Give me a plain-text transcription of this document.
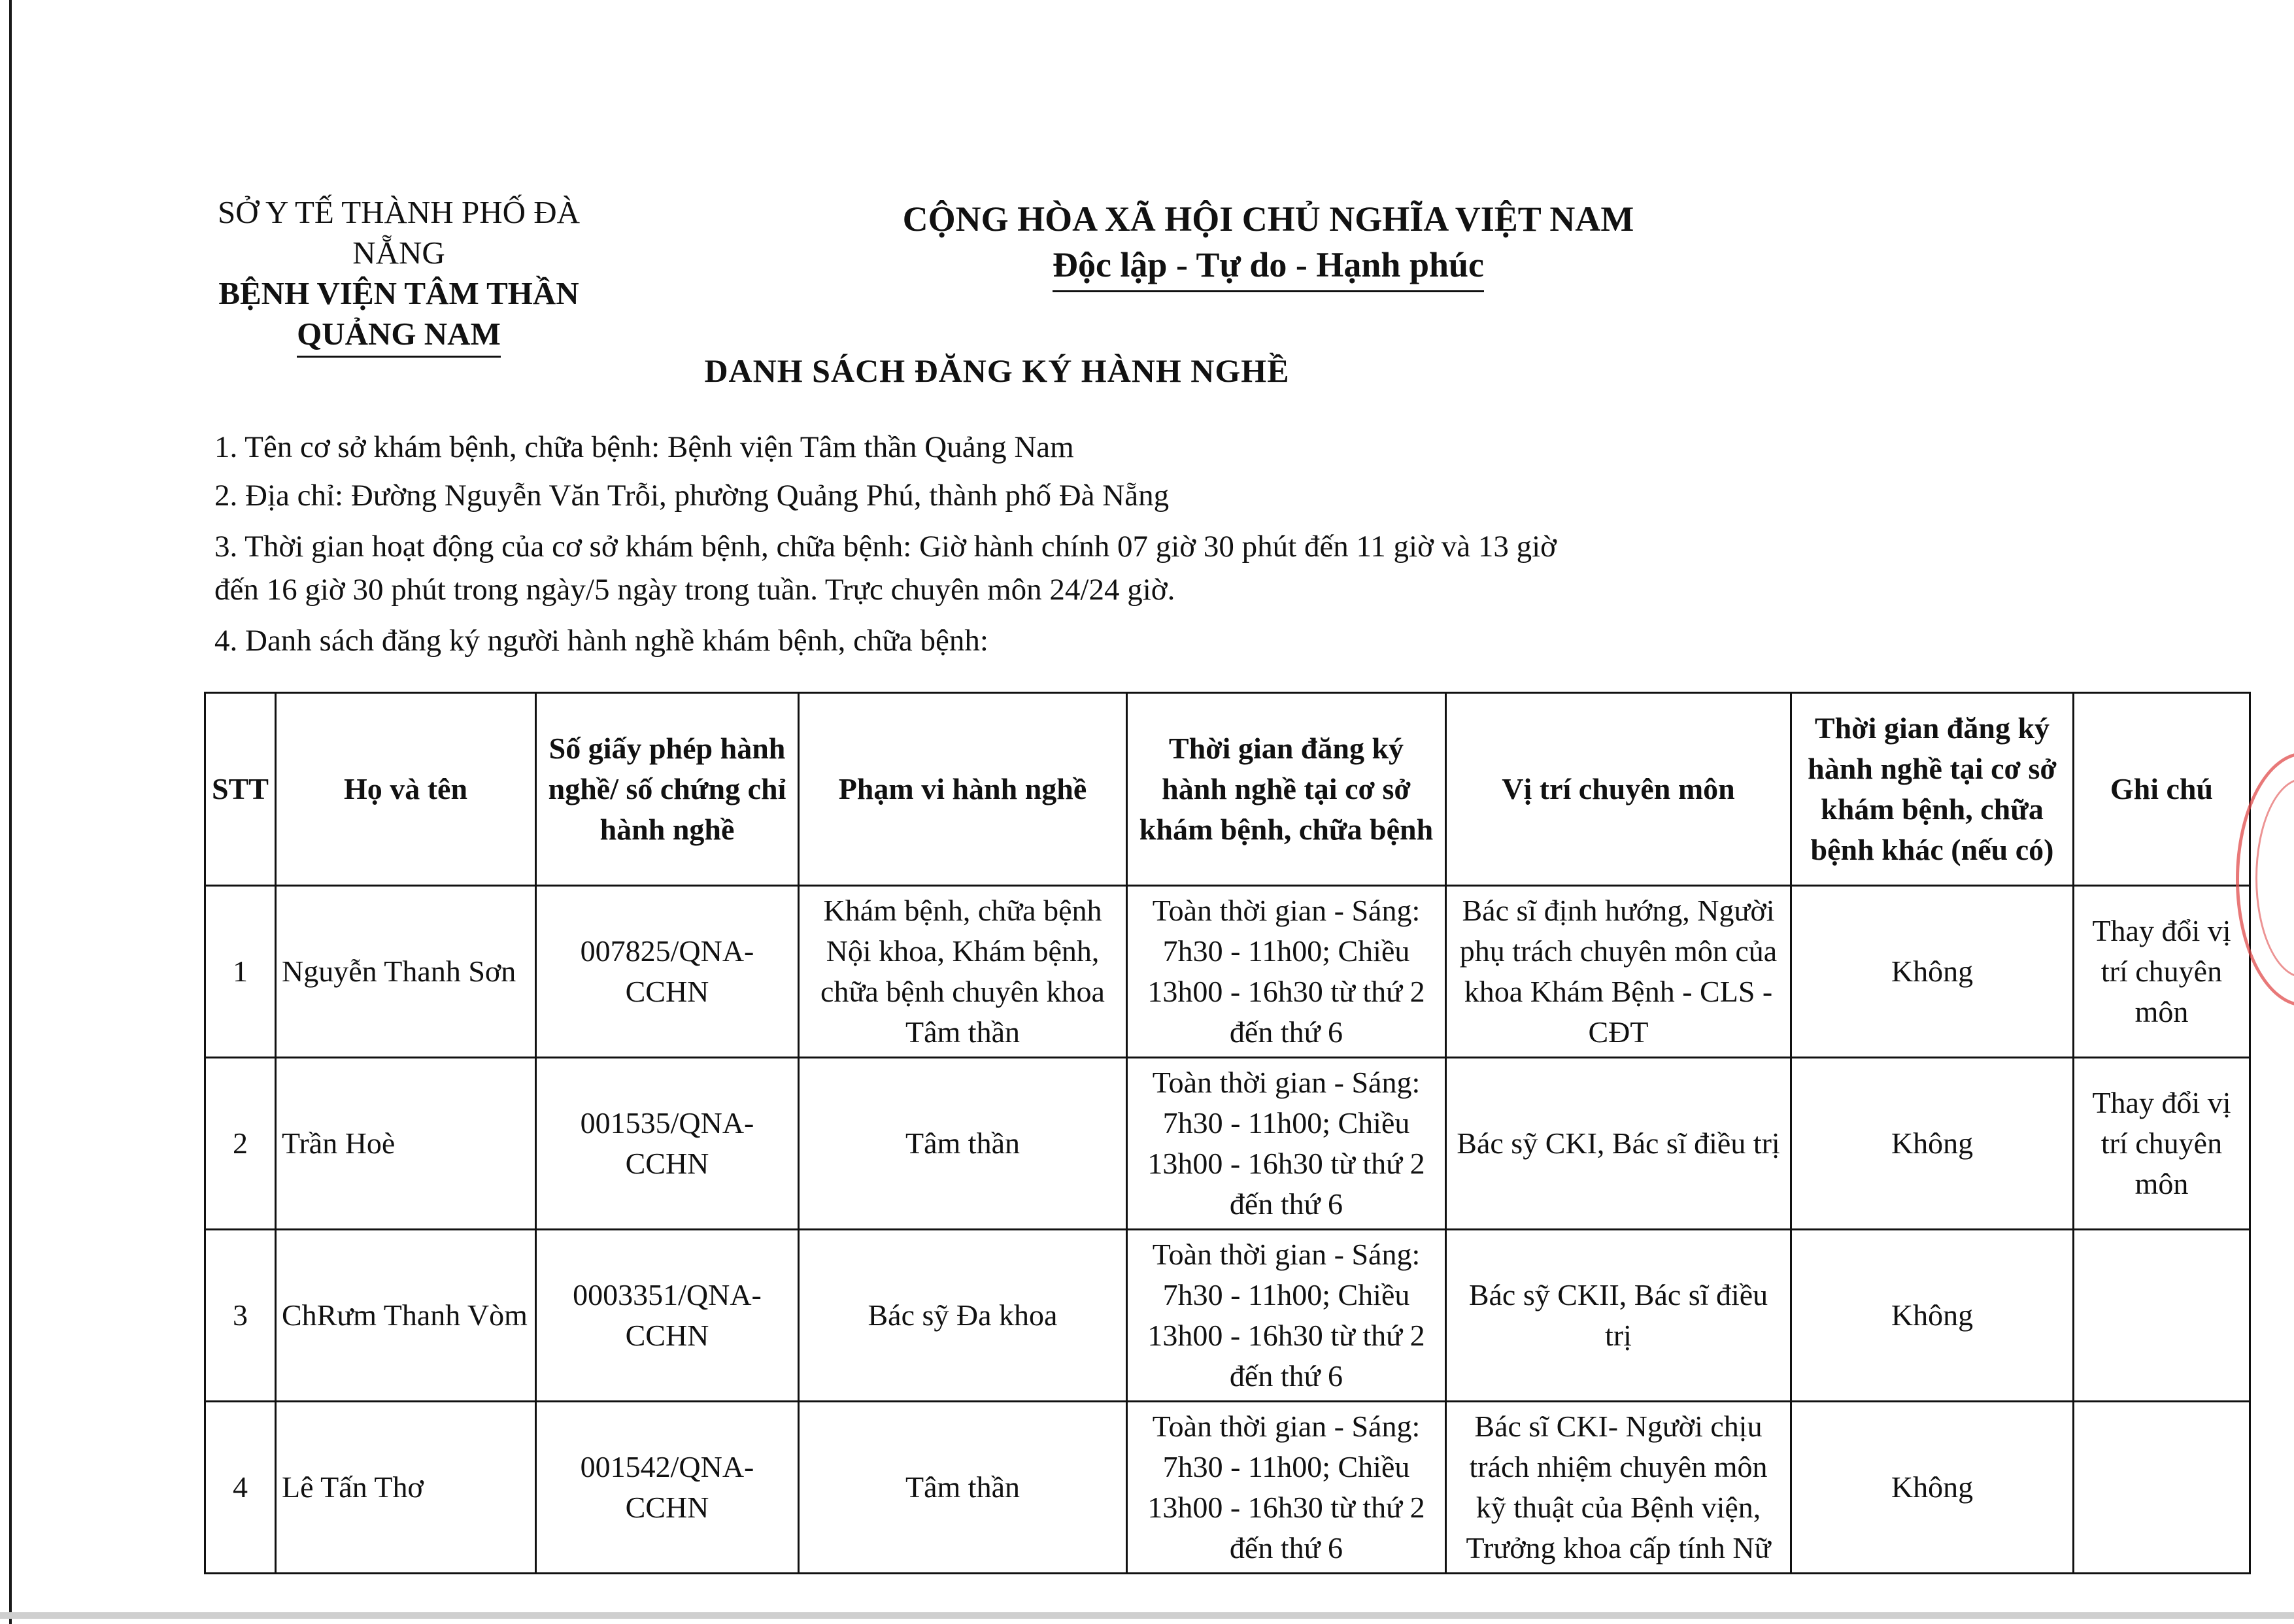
SỞ Y TẾ THÀNH PHỐ ĐÀ NẴNG
BỆNH VIỆN TÂM THẦN
QUẢNG NAM
CỘNG HÒA XÃ HỘI CHỦ NGHĨA VIỆT NAM
Độc lập - Tự do - Hạnh phúc
DANH SÁCH ĐĂNG KÝ HÀNH NGHỀ
1. Tên cơ sở khám bệnh, chữa bệnh: Bệnh viện Tâm thần Quảng Nam
2. Địa chỉ: Đường Nguyễn Văn Trỗi, phường Quảng Phú, thành phố Đà Nẵng
3. Thời gian hoạt động của cơ sở khám bệnh, chữa bệnh: Giờ hành chính 07 giờ 30 phút đến 11 giờ và 13 giờ
đến 16 giờ 30 phút trong ngày/5 ngày trong tuần. Trực chuyên môn 24/24 giờ.
4. Danh sách đăng ký người hành nghề khám bệnh, chữa bệnh:
STT	Họ và tên	Số giấy phép hành nghề/ số chứng chỉ hành nghề	Phạm vi hành nghề	Thời gian đăng ký hành nghề tại cơ sở khám bệnh, chữa bệnh	Vị trí chuyên môn	Thời gian đăng ký hành nghề tại cơ sở khám bệnh, chữa bệnh khác (nếu có)	Ghi chú
1	Nguyễn Thanh Sơn	007825/QNA-CCHN	Khám bệnh, chữa bệnh Nội khoa, Khám bệnh, chữa bệnh chuyên khoa Tâm thần	Toàn thời gian - Sáng: 7h30 - 11h00; Chiều 13h00 - 16h30 từ thứ 2 đến thứ 6	Bác sĩ định hướng, Người phụ trách chuyên môn của khoa Khám Bệnh - CLS - CĐT	Không	Thay đổi vị trí chuyên môn
2	Trần Hoè	001535/QNA-CCHN	Tâm thần	Toàn thời gian - Sáng: 7h30 - 11h00; Chiều 13h00 - 16h30 từ thứ 2 đến thứ 6	Bác sỹ CKI, Bác sĩ điều trị	Không	Thay đổi vị trí chuyên môn
3	ChRưm Thanh Vòm	0003351/QNA-CCHN	Bác sỹ Đa khoa	Toàn thời gian - Sáng: 7h30 - 11h00; Chiều 13h00 - 16h30 từ thứ 2 đến thứ 6	Bác sỹ CKII, Bác sĩ điều trị	Không	
4	Lê Tấn Thơ	001542/QNA-CCHN	Tâm thần	Toàn thời gian - Sáng: 7h30 - 11h00; Chiều 13h00 - 16h30 từ thứ 2 đến thứ 6	Bác sĩ CKI- Người chịu trách nhiệm chuyên môn kỹ thuật của Bệnh viện, Trưởng khoa cấp tính Nữ	Không	
